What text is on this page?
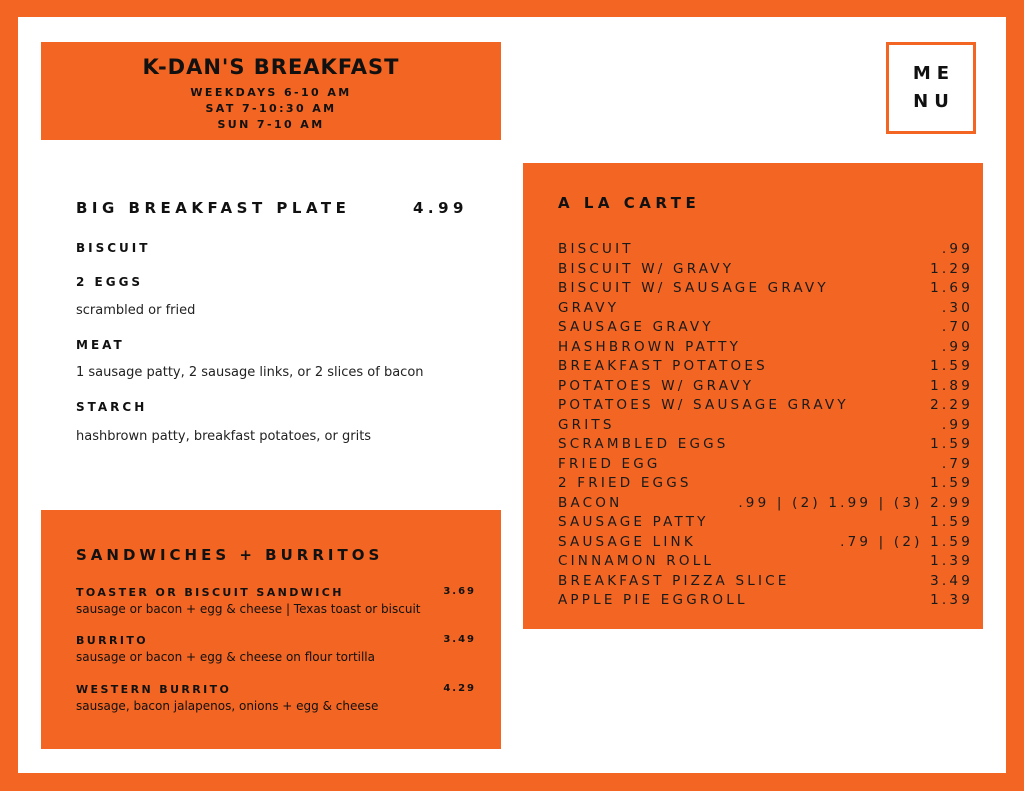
K-DAN'S BREAKFAST
WEEKDAYS 6-10 AM
SAT 7-10:30 AM
SUN 7-10 AM
ME
NU
BIG BREAKFAST PLATE	4.99
BISCUIT
2 EGGS
scrambled or fried
MEAT
1 sausage patty, 2 sausage links, or 2 slices of bacon
STARCH
hashbrown patty, breakfast potatoes, or grits
SANDWICHES + BURRITOS
TOASTER OR BISCUIT SANDWICH	3.69
sausage or bacon + egg & cheese | Texas toast or biscuit
BURRITO	3.49
sausage or bacon + egg & cheese on flour tortilla
WESTERN BURRITO	4.29
sausage, bacon jalapenos, onions + egg & cheese
A LA CARTE
BISCUIT	.99
BISCUIT W/ GRAVY	1.29
BISCUIT W/ SAUSAGE GRAVY	1.69
GRAVY	.30
SAUSAGE GRAVY	.70
HASHBROWN PATTY	.99
BREAKFAST POTATOES	1.59
POTATOES W/ GRAVY	1.89
POTATOES W/ SAUSAGE GRAVY	2.29
GRITS	.99
SCRAMBLED EGGS	1.59
FRIED EGG	.79
2 FRIED EGGS	1.59
BACON	.99 | (2) 1.99 | (3) 2.99
SAUSAGE PATTY	1.59
SAUSAGE LINK	.79 | (2) 1.59
CINNAMON ROLL	1.39
BREAKFAST PIZZA SLICE	3.49
APPLE PIE EGGROLL	1.39
